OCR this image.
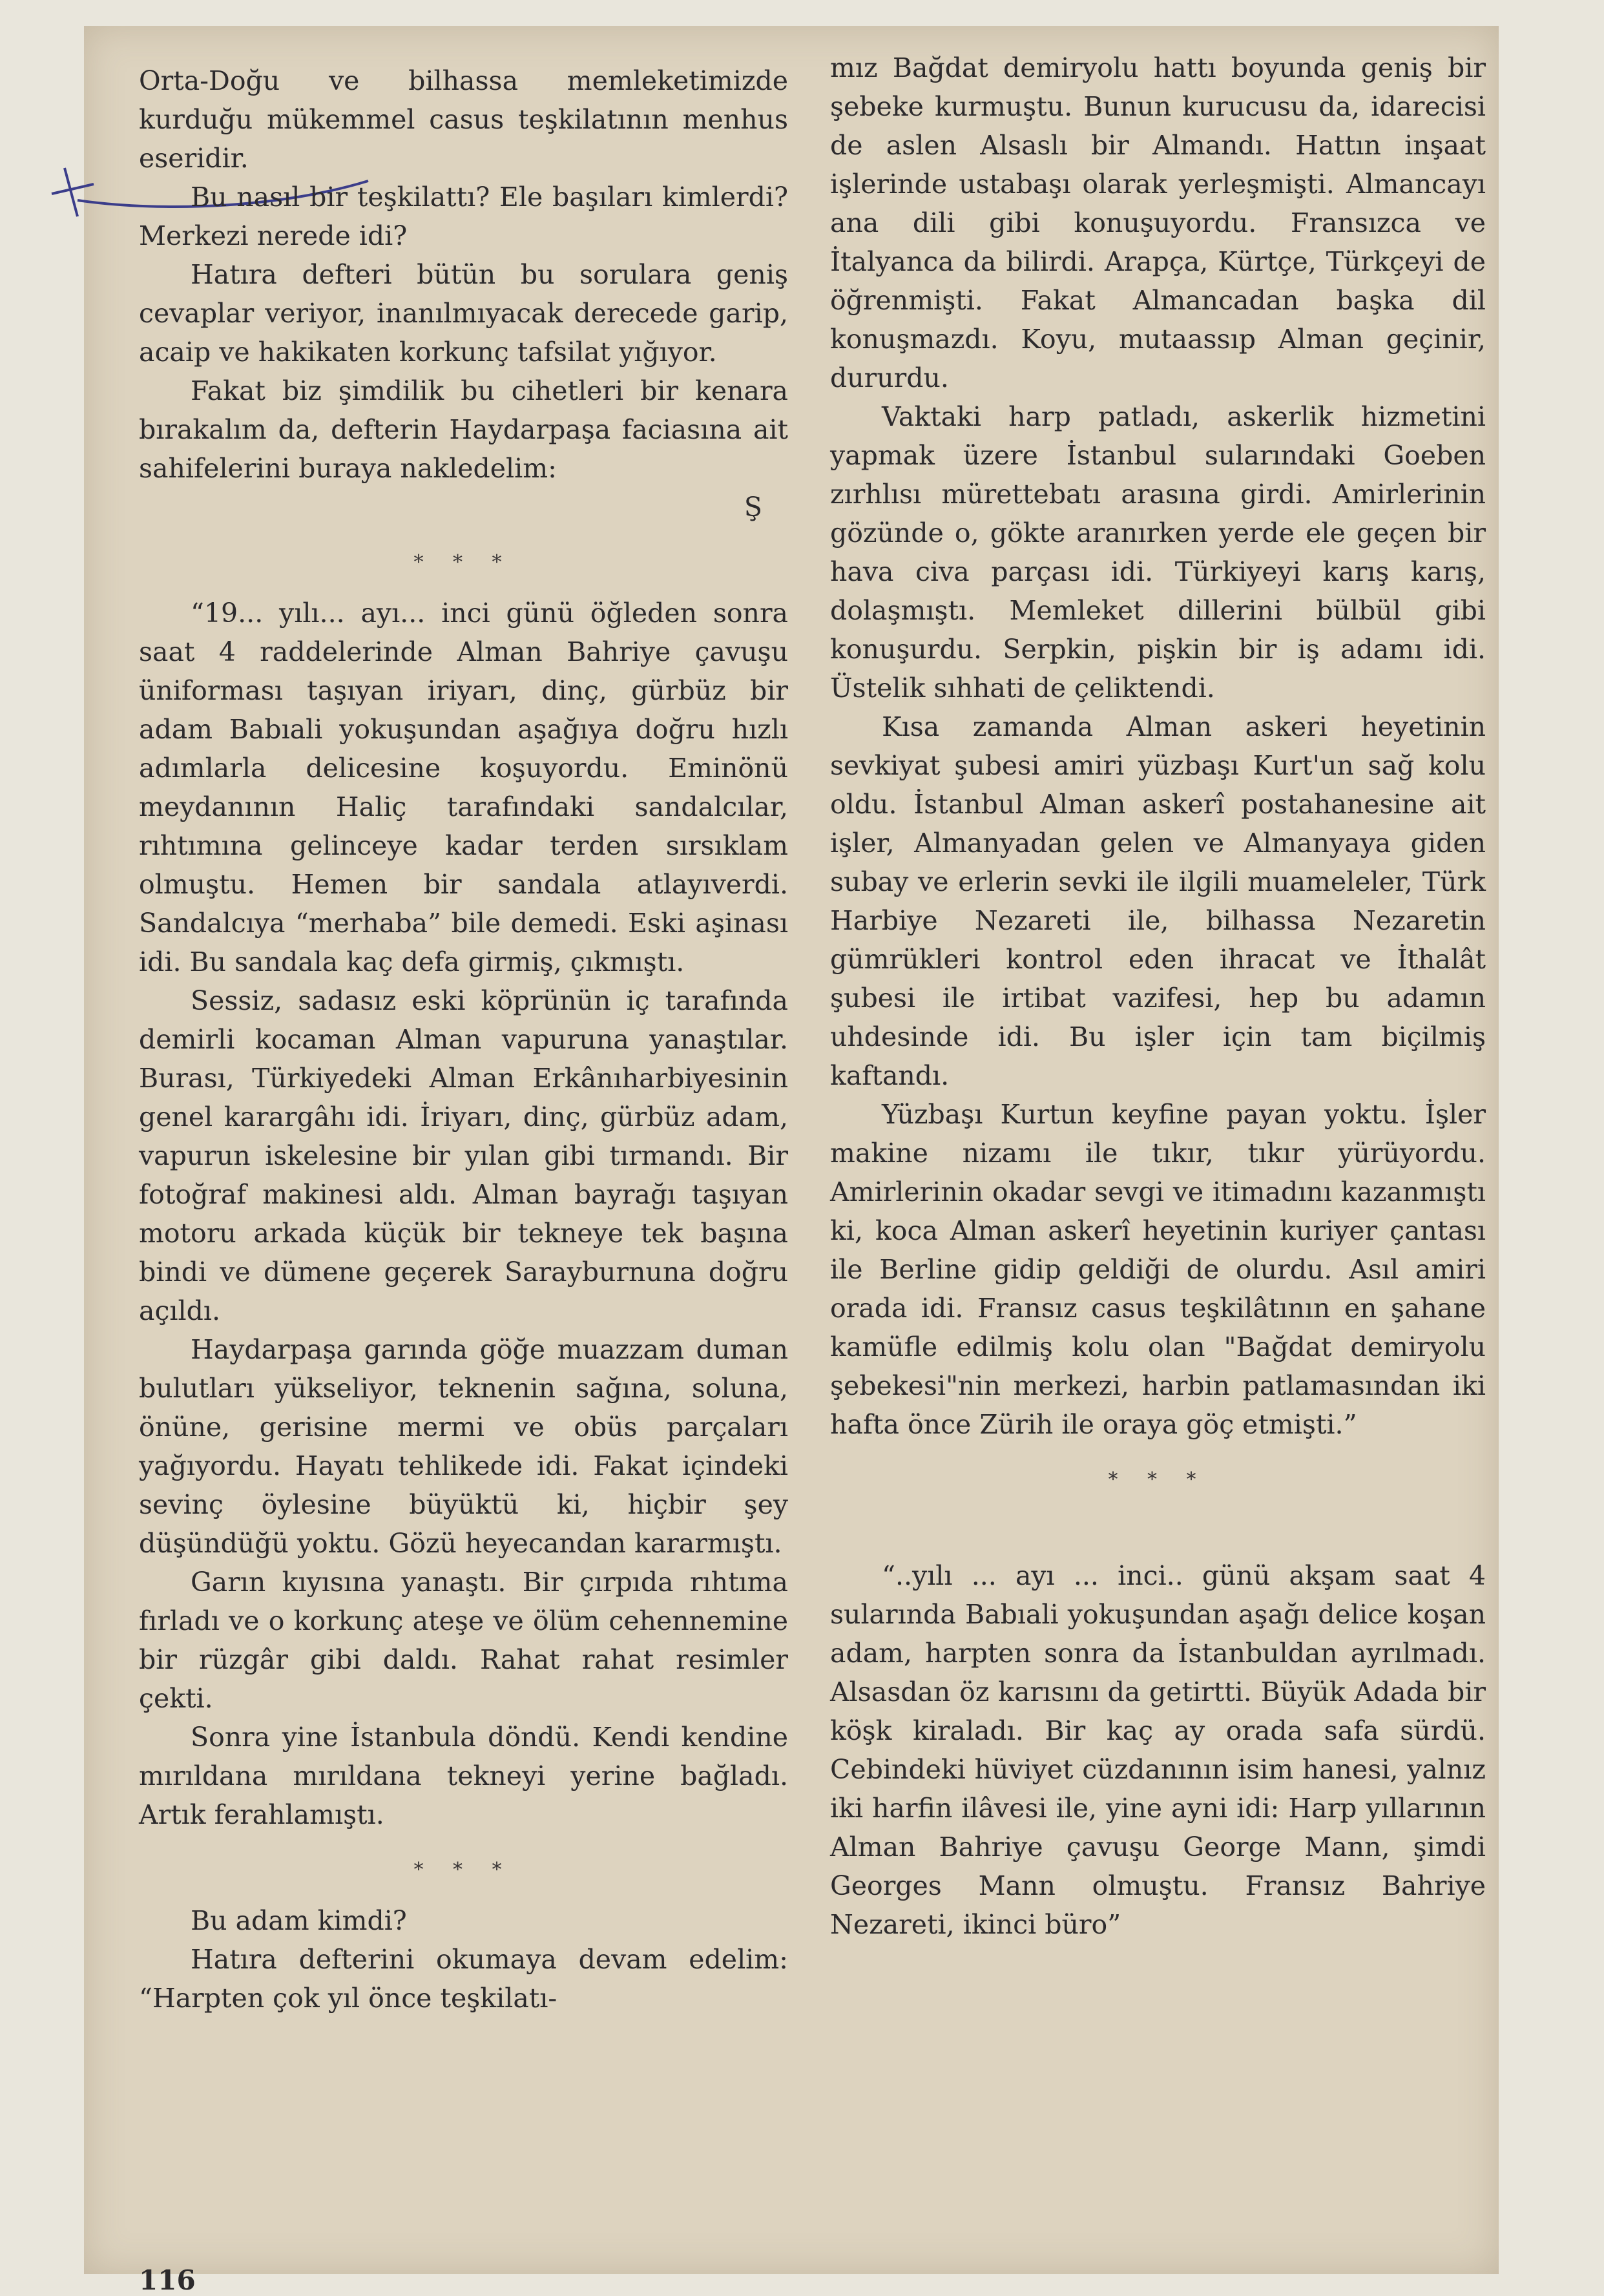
Orta-Doğu ve bilhassa memleketimizde kurduğu mükemmel casus teşkilatının menhus eseridir.

Bu nasıl bir teşkilattı? Ele başıları kimlerdi? Merkezi nerede idi?

Hatıra defteri bütün bu sorulara geniş cevaplar veriyor, inanılmıyacak derecede garip, acaip ve hakikaten korkunç tafsilat yığıyor.

Fakat biz şimdilik bu cihetleri bir kenara bırakalım da, defterin Haydarpaşa faciasına ait sahifelerini buraya nakledelim:

Ş

* * *

“19... yılı... ayı... inci günü öğleden sonra saat 4 raddelerinde Alman Bahriye çavuşu üniforması taşıyan iriyarı, dinç, gürbüz bir adam Babıali yokuşundan aşağıya doğru hızlı adımlarla delicesine koşuyordu. Eminönü meydanının Haliç tarafındaki sandalcılar, rıhtımına gelinceye kadar terden sırsıklam olmuştu. Hemen bir sandala atlayıverdi. Sandalcıya “merhaba” bile demedi. Eski aşinası idi. Bu sandala kaç defa girmiş, çıkmıştı.

Sessiz, sadasız eski köprünün iç tarafında demirli kocaman Alman vapuruna yanaştılar. Burası, Türkiyedeki Alman Erkânıharbiyesinin genel karargâhı idi. İriyarı, dinç, gürbüz adam, vapurun iskelesine bir yılan gibi tırmandı. Bir fotoğraf makinesi aldı. Alman bayrağı taşıyan motoru arkada küçük bir tekneye tek başına bindi ve dümene geçerek Sarayburnuna doğru açıldı.

Haydarpaşa garında göğe muazzam duman bulutları yükseliyor, teknenin sağına, soluna, önüne, gerisine mermi ve obüs parçaları yağıyordu. Hayatı tehlikede idi. Fakat içindeki sevinç öylesine büyüktü ki, hiçbir şey düşündüğü yoktu. Gözü heyecandan kararmıştı.

Garın kıyısına yanaştı. Bir çırpıda rıhtıma fırladı ve o korkunç ateşe ve ölüm cehennemine bir rüzgâr gibi daldı. Rahat rahat resimler çekti.

Sonra yine İstanbula döndü. Kendi kendine mırıldana mırıldana tekneyi yerine bağladı. Artık ferahlamıştı.

* * *

Bu adam kimdi?

Hatıra defterini okumaya devam edelim: “Harpten çok yıl önce teşkilatı-

mız Bağdat demiryolu hattı boyunda geniş bir şebeke kurmuştu. Bunun kurucusu da, idarecisi de aslen Alsaslı bir Almandı. Hattın inşaat işlerinde ustabaşı olarak yerleşmişti. Almancayı ana dili gibi konuşuyordu. Fransızca ve İtalyanca da bilirdi. Arapça, Kürtçe, Türkçeyi de öğrenmişti. Fakat Almancadan başka dil konuşmazdı. Koyu, mutaassıp Alman geçinir, dururdu.

Vaktaki harp patladı, askerlik hizmetini yapmak üzere İstanbul sularındaki Goeben zırhlısı mürettebatı arasına girdi. Amirlerinin gözünde o, gökte aranırken yerde ele geçen bir hava civa parçası idi. Türkiyeyi karış karış, dolaşmıştı. Memleket dillerini bülbül gibi konuşurdu. Serpkin, pişkin bir iş adamı idi. Üstelik sıhhati de çeliktendi.

Kısa zamanda Alman askeri heyetinin sevkiyat şubesi amiri yüzbaşı Kurt'un sağ kolu oldu. İstanbul Alman askerî postahanesine ait işler, Almanyadan gelen ve Almanyaya giden subay ve erlerin sevki ile ilgili muameleler, Türk Harbiye Nezareti ile, bilhassa Nezaretin gümrükleri kontrol eden ihracat ve İthalât şubesi ile irtibat vazifesi, hep bu adamın uhdesinde idi. Bu işler için tam biçilmiş kaftandı.

Yüzbaşı Kurtun keyfine payan yoktu. İşler makine nizamı ile tıkır, tıkır yürüyordu. Amirlerinin okadar sevgi ve itimadını kazanmıştı ki, koca Alman askerî heyetinin kuriyer çantası ile Berline gidip geldiği de olurdu. Asıl amiri orada idi. Fransız casus teşkilâtının en şahane kamüfle edilmiş kolu olan "Bağdat demiryolu şebekesi"nin merkezi, harbin patlamasından iki hafta önce Zürih ile oraya göç etmişti.”

* * *

“..yılı ... ayı ... inci.. günü akşam saat 4 sularında Babıali yokuşundan aşağı delice koşan adam, harpten sonra da İstanbuldan ayrılmadı. Alsasdan öz karısını da getirtti. Büyük Adada bir köşk kiraladı. Bir kaç ay orada safa sürdü. Cebindeki hüviyet cüzdanının isim hanesi, yalnız iki harfin ilâvesi ile, yine ayni idi: Harp yıllarının Alman Bahriye çavuşu George Mann, şimdi Georges Mann olmuştu. Fransız Bahriye Nezareti, ikinci büro”

116
